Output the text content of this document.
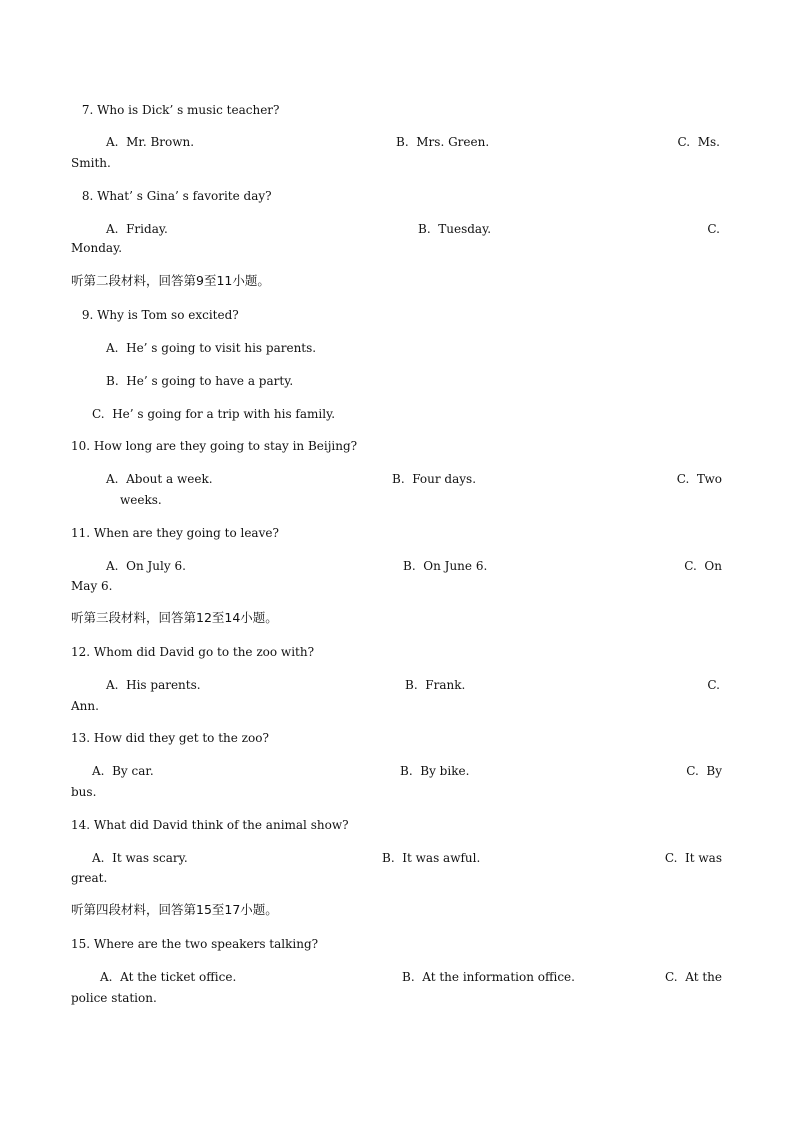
7. Who is Dick’ s music teacher?
A.  Mr. Brown.	B.  Mrs. Green.	C.  Ms.
Smith.
8. What’ s Gina’ s favorite day?
A.  Friday.	B.  Tuesday.	C.
Monday.
听第二段材料，回答第9至11小题。
9. Why is Tom so excited?
A.  He’ s going to visit his parents.
B.  He’ s going to have a party.
C.  He’ s going for a trip with his family.
10. How long are they going to stay in Beijing?
A.  About a week.	B.  Four days.	C.  Two
weeks.
11. When are they going to leave?
A.  On July 6.	B.  On June 6.	C.  On
May 6.
听第三段材料，回答第12至14小题。
12. Whom did David go to the zoo with?
A.  His parents.	B.  Frank.	C.
Ann.
13. How did they get to the zoo?
A.  By car.	B.  By bike.	C.  By
bus.
14. What did David think of the animal show?
A.  It was scary.	B.  It was awful.	C.  It was
great.
听第四段材料，回答第15至17小题。
15. Where are the two speakers talking?
A.  At the ticket office.	B.  At the information office.	C.  At the
police station.
